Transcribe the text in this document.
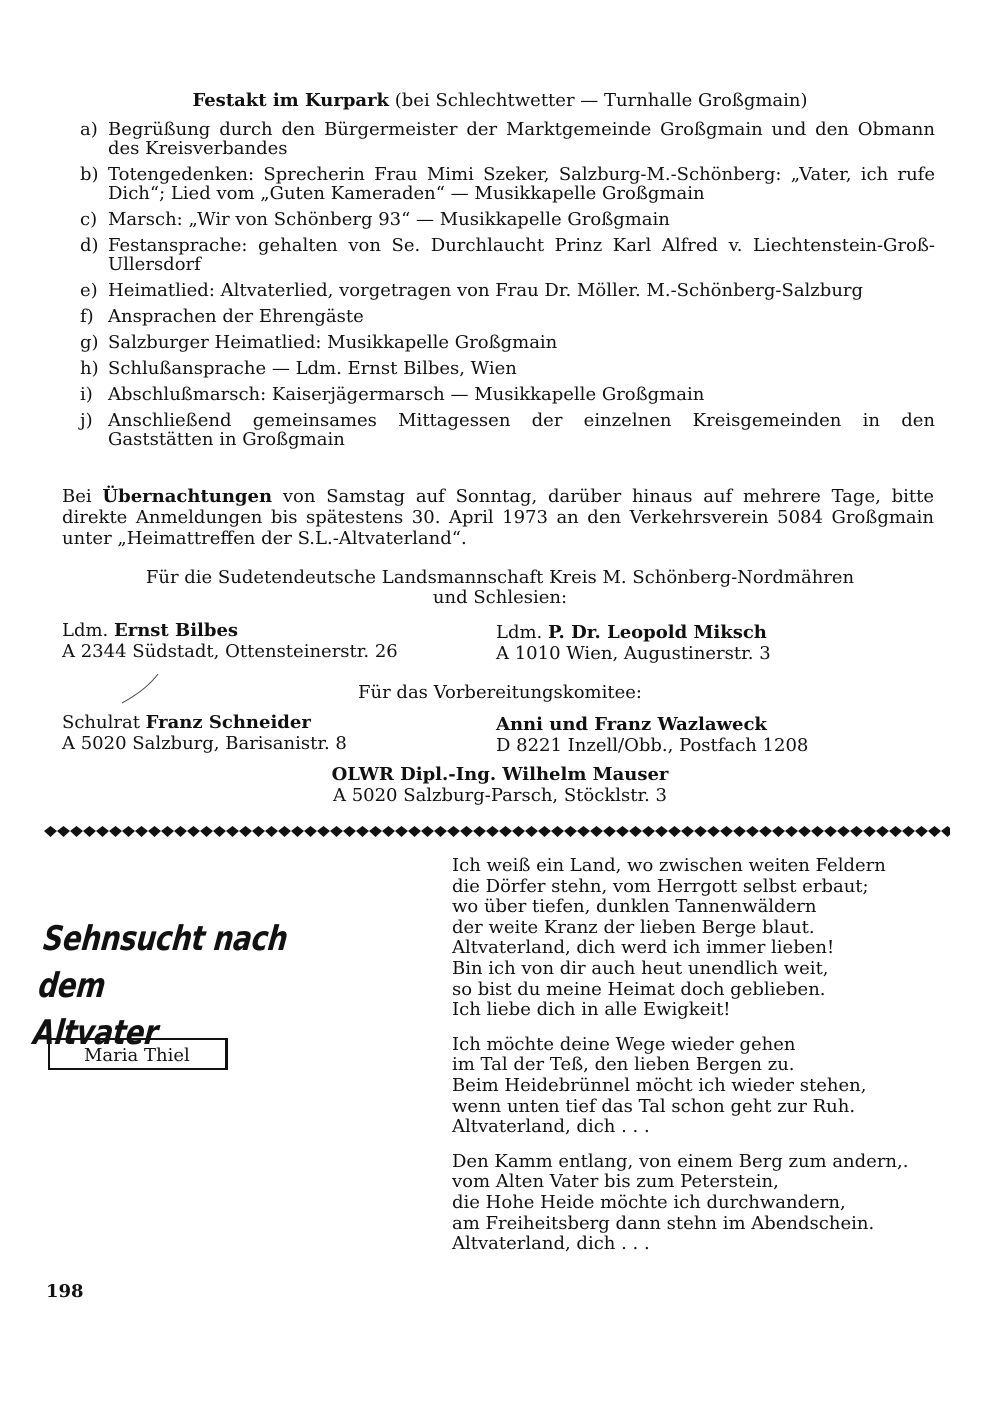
Festakt im Kurpark (bei Schlechtwetter — Turnhalle Großgmain)
a) Begrüßung durch den Bürgermeister der Marktgemeinde Großgmain und den Obmann des Kreisverbandes
b) Totengedenken: Sprecherin Frau Mimi Szeker, Salzburg-M.-Schönberg: „Vater, ich rufe Dich“; Lied vom „Guten Kameraden“ — Musikkapelle Großgmain
c) Marsch: „Wir von Schönberg 93“ — Musikkapelle Großgmain
d) Festansprache: gehalten von Se. Durchlaucht Prinz Karl Alfred v. Liechtenstein-Groß-Ullersdorf
e) Heimatlied: Altvaterlied, vorgetragen von Frau Dr. Möller. M.-Schönberg-Salzburg
f) Ansprachen der Ehrengäste
g) Salzburger Heimatlied: Musikkapelle Großgmain
h) Schlußansprache — Ldm. Ernst Bilbes, Wien
i) Abschlußmarsch: Kaiserjägermarsch — Musikkapelle Großgmain
j) Anschließend gemeinsames Mittagessen der einzelnen Kreisgemeinden in den Gaststätten in Großgmain
Bei Übernachtungen von Samstag auf Sonntag, darüber hinaus auf mehrere Tage, bitte direkte Anmeldungen bis spätestens 30. April 1973 an den Verkehrsverein 5084 Großgmain unter „Heimattreffen der S.L.-Altvaterland“.
Für die Sudetendeutsche Landsmannschaft Kreis M. Schönberg-Nordmähren
und Schlesien:
Ldm. Ernst Bilbes
A 2344 Südstadt, Ottensteinerstr. 26
Ldm. P. Dr. Leopold Miksch
A 1010 Wien, Augustinerstr. 3
Für das Vorbereitungskomitee:
Schulrat Franz Schneider
A 5020 Salzburg, Barisanistr. 8
Anni und Franz Wazlaweck
D 8221 Inzell/Obb., Postfach 1208
OLWR Dipl.-Ing. Wilhelm Mauser
A 5020 Salzburg-Parsch, Stöcklstr. 3
Sehnsucht nach dem
Altvater
Maria Thiel
Ich weiß ein Land, wo zwischen weiten Feldern
die Dörfer stehn, vom Herrgott selbst erbaut;
wo über tiefen, dunklen Tannenwäldern
der weite Kranz der lieben Berge blaut.
Altvaterland, dich werd ich immer lieben!
Bin ich von dir auch heut unendlich weit,
so bist du meine Heimat doch geblieben.
Ich liebe dich in alle Ewigkeit!
Ich möchte deine Wege wieder gehen
im Tal der Teß, den lieben Bergen zu.
Beim Heidebrünnel möcht ich wieder stehen,
wenn unten tief das Tal schon geht zur Ruh.
Altvaterland, dich . . .
Den Kamm entlang, von einem Berg zum andern,.
vom Alten Vater bis zum Peterstein,
die Hohe Heide möchte ich durchwandern,
am Freiheitsberg dann stehn im Abendschein.
Altvaterland, dich . . .
198
